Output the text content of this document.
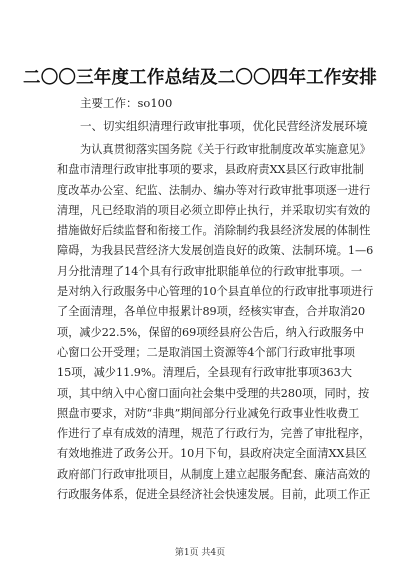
二〇〇三年度工作总结及二〇〇四年工作安排
主要工作：so100
一、切实组织清理行政审批事项，优化民营经济发展环境
为认真贯彻落实国务院《关于行政审批制度改革实施意见》
和盘市清理行政审批事项的要求，县政府责XX县区行政审批制
度改革办公室、纪监、法制办、编办等对行政审批事项逐一进行
清理，凡已经取消的项目必须立即停止执行，并采取切实有效的
措施做好后续监督和衔接工作。消除制约我县经济发展的体制性
障碍，为我县民营经济大发展创造良好的政策、法制环境。1—6
月分批清理了14个具有行政审批职能单位的行政审批事项。一
是对纳入行政服务中心管理的10个县直单位的行政审批事项进行
了全面清理，各单位申报累计89项，经核实审查，合并取消20
项，减少22.5%，保留的69项经县府公告后，纳入行政服务中
心窗口公开受理；二是取消国土资源等4个部门行政审批事项
15项，减少11.9%。清理后，全县现有行政审批事项363大
项，其中纳入中心窗口面向社会集中受理的共280项，同时，按
照盘市要求，对防“非典”期间部分行业减免行政事业性收费工
作进行了卓有成效的清理，规范了行政行为，完善了审批程序，
有效地推进了政务公开。10月下旬，县政府决定全面清XX县区
政府部门行政审批项目，从制度上建立起服务配套、廉洁高效的
行政服务体系，促进全县经济社会快速发展。目前，此项工作正
第1页 共4页
